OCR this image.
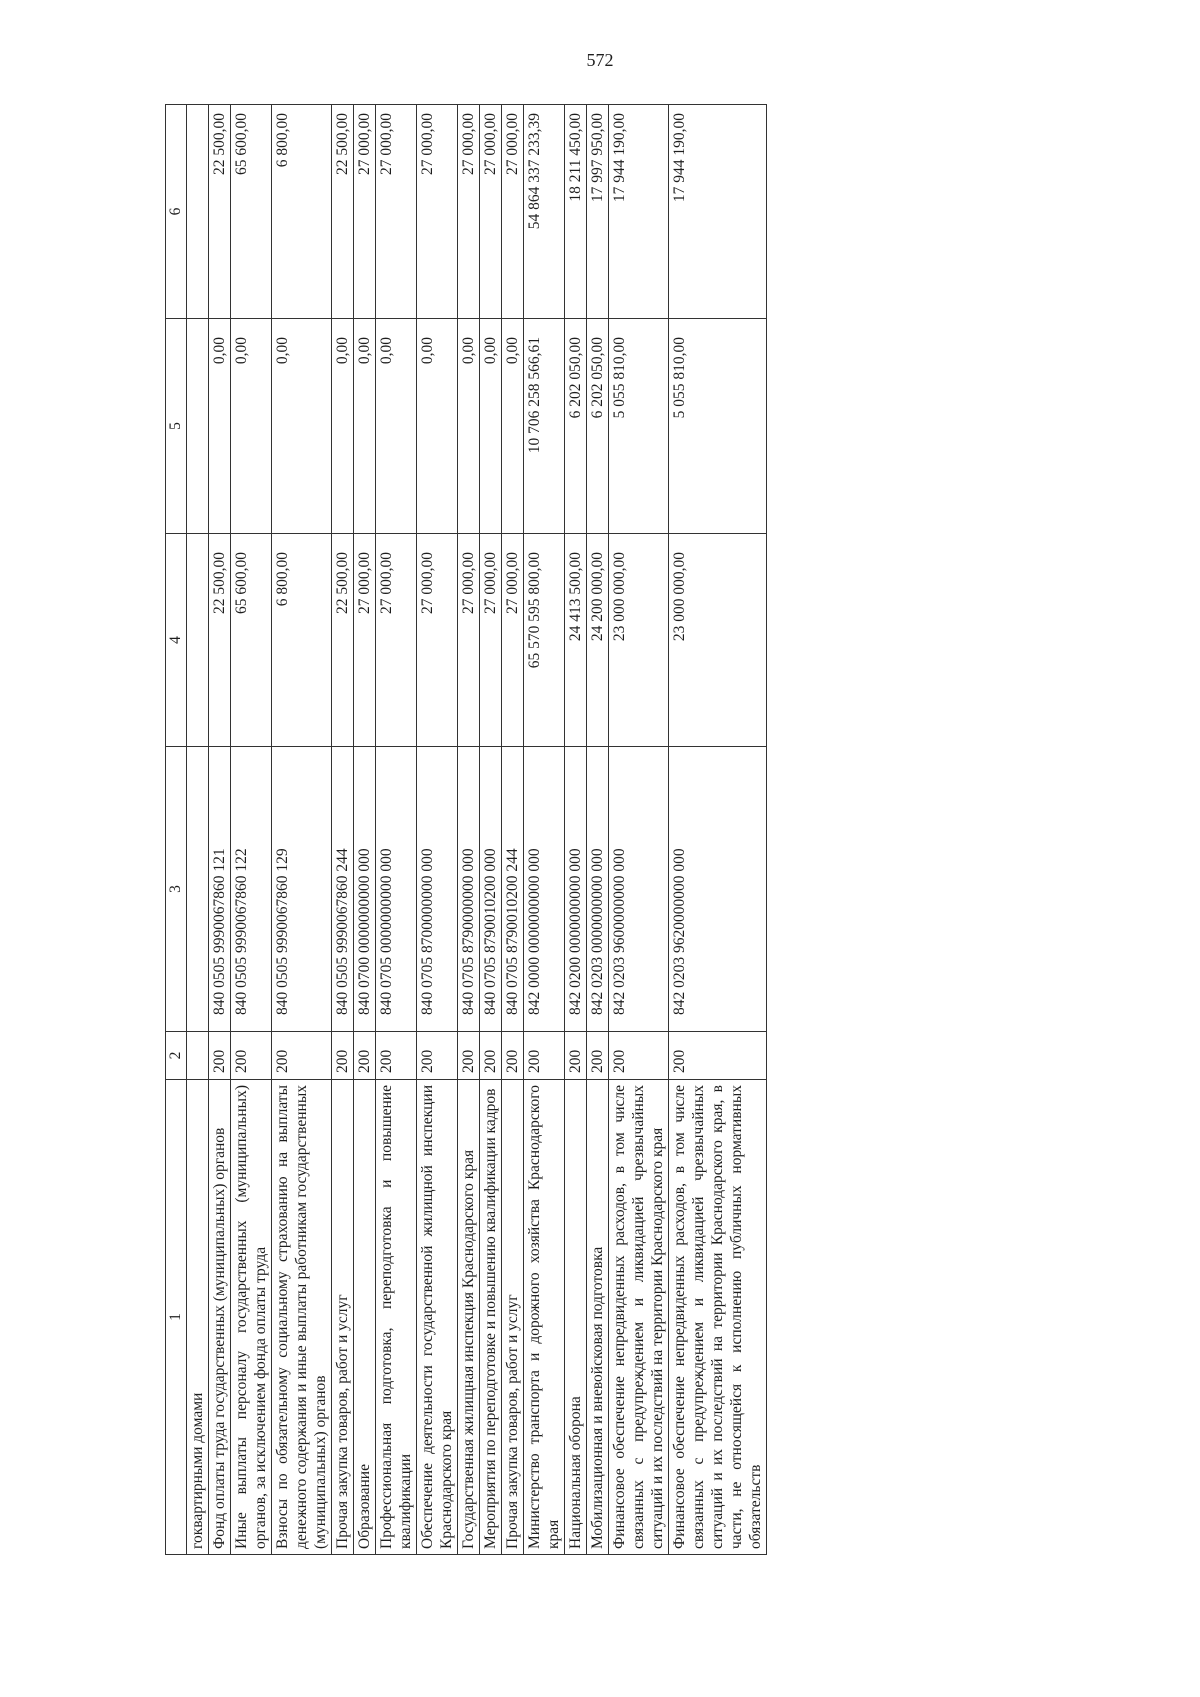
572
1	2	3	4	5	6
гоквартирными домами					
Фонд оплаты труда государственных (муниципальных) органов	200	840 0505 9990067860 121	22 500,00	0,00	22 500,00
Иные выплаты персоналу государственных (муниципальных) органов, за исключением фонда оплаты труда	200	840 0505 9990067860 122	65 600,00	0,00	65 600,00
Взносы по обязательному социальному страхованию на выплаты денежного содержания и иные выплаты работникам государственных (муниципальных) органов	200	840 0505 9990067860 129	6 800,00	0,00	6 800,00
Прочая закупка товаров, работ и услуг	200	840 0505 9990067860 244	22 500,00	0,00	22 500,00
Образование	200	840 0700 0000000000 000	27 000,00	0,00	27 000,00
Профессиональная подготовка, переподготовка и повышение квалификации	200	840 0705 0000000000 000	27 000,00	0,00	27 000,00
Обеспечение деятельности государственной жилищной инспекции Краснодарского края	200	840 0705 8700000000 000	27 000,00	0,00	27 000,00
Государственная жилищная инспекция Краснодарского края	200	840 0705 8790000000 000	27 000,00	0,00	27 000,00
Мероприятия по переподготовке и повышению квалификации кадров	200	840 0705 8790010200 000	27 000,00	0,00	27 000,00
Прочая закупка товаров, работ и услуг	200	840 0705 8790010200 244	27 000,00	0,00	27 000,00
Министерство транспорта и дорожного хозяйства Краснодарского края	200	842 0000 0000000000 000	65 570 595 800,00	10 706 258 566,61	54 864 337 233,39
Национальная оборона	200	842 0200 0000000000 000	24 413 500,00	6 202 050,00	18 211 450,00
Мобилизационная и вневойсковая подготовка	200	842 0203 0000000000 000	24 200 000,00	6 202 050,00	17 997 950,00
Финансовое обеспечение непредвиденных расходов, в том числе связанных с предупреждением и ликвидацией чрезвычайных ситуаций и их последствий на территории Краснодарского края	200	842 0203 9600000000 000	23 000 000,00	5 055 810,00	17 944 190,00
Финансовое обеспечение непредвиденных расходов, в том числе связанных с предупреждением и ликвидацией чрезвычайных ситуаций и их последствий на территории Краснодарского края, в части, не относящейся к исполнению публичных нормативных обязательств	200	842 0203 9620000000 000	23 000 000,00	5 055 810,00	17 944 190,00
